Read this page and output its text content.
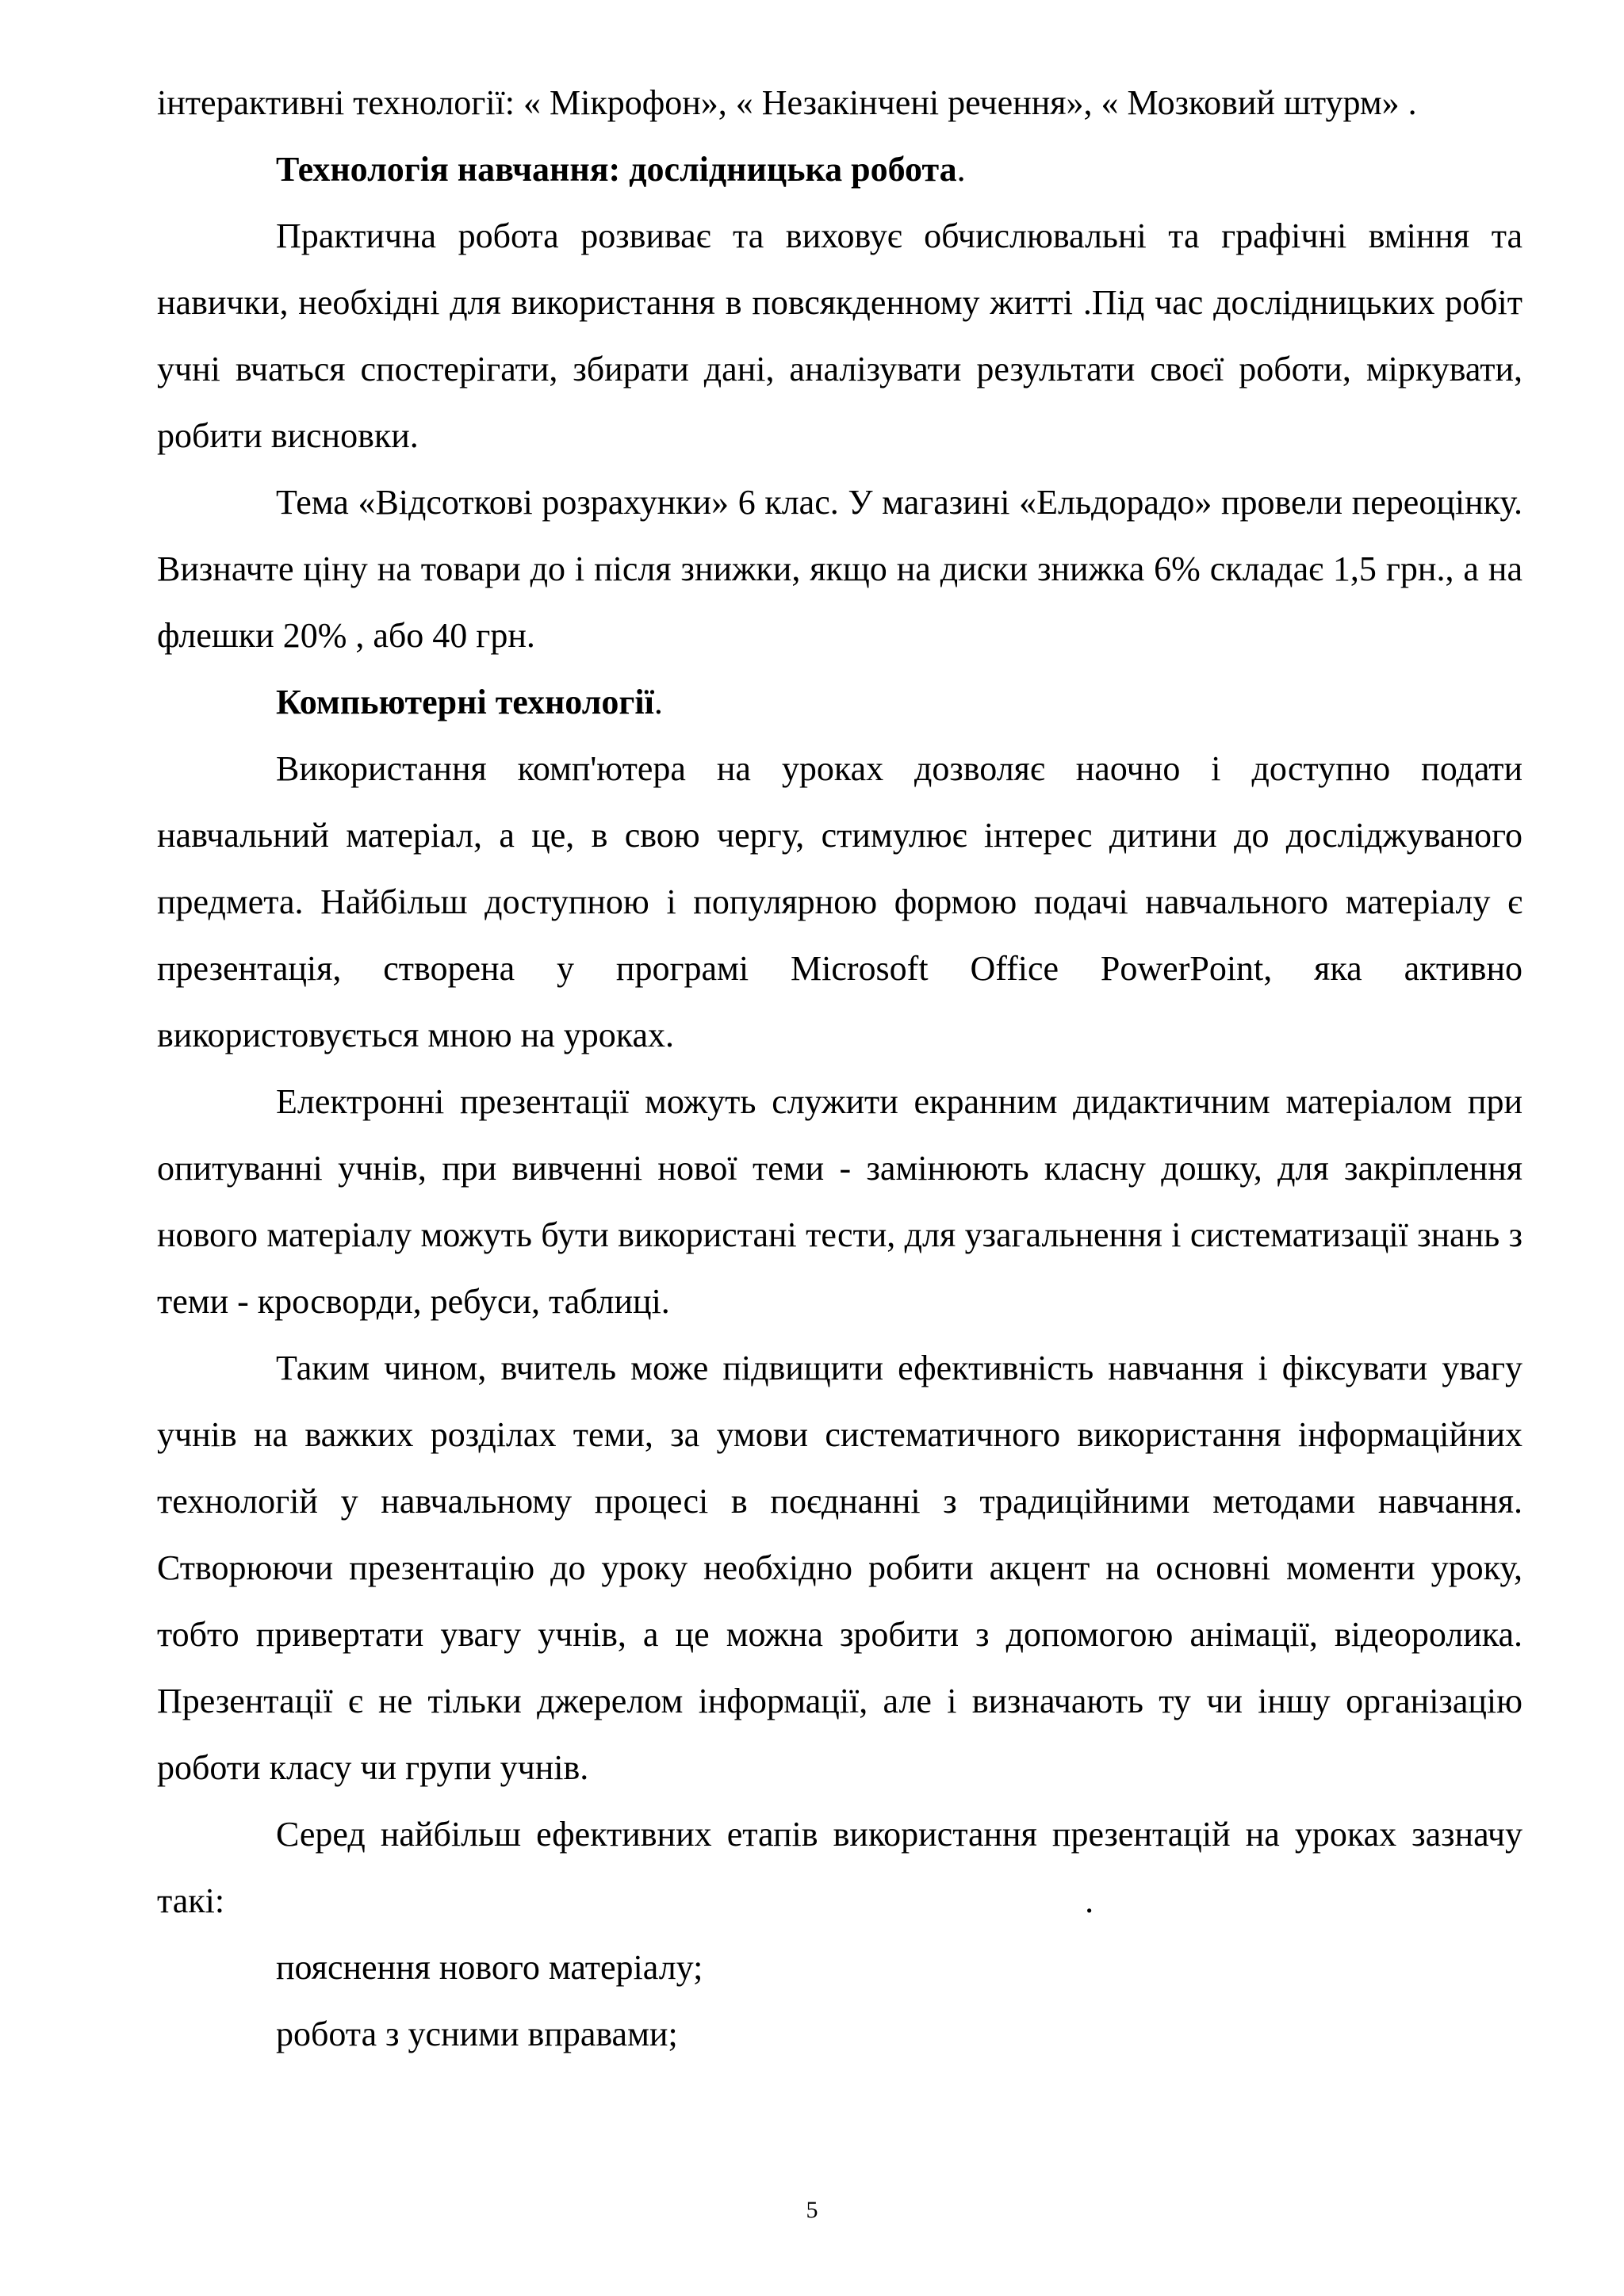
інтерактивні технології: « Мікрофон», « Незакінчені речення», « Мозковий штурм» .

Технологія навчання: дослідницька робота.

Практична робота розвиває та виховує обчислювальні та графічні вміння та навички, необхідні для використання в повсякденному житті .Під час дослідницьких робіт учні вчаться спостерігати, збирати дані, аналізувати результати своєї роботи, міркувати, робити висновки.

Тема «Відсоткові розрахунки» 6 клас. У магазині «Ельдорадо» провели переоцінку. Визначте ціну на товари до і після знижки, якщо на диски знижка 6% складає 1,5 грн., а на флешки 20% , або 40 грн.

Компьютерні технології.

Використання комп'ютера на уроках дозволяє наочно і доступно подати навчальний матеріал, а це, в свою чергу, стимулює інтерес дитини до досліджуваного предмета. Найбільш доступною і популярною формою подачі навчального матеріалу є презентація, створена у програмі Microsoft Office PowerPoint, яка активно використовується мною на уроках.

Електронні презентації можуть служити екранним дидактичним матеріалом при опитуванні учнів, при вивченні нової теми - замінюють класну дошку, для закріплення нового матеріалу можуть бути використані тести, для узагальнення і систематизації знань з теми - кросворди, ребуси, таблиці.

Таким чином, вчитель може підвищити ефективність навчання і фіксувати увагу учнів на важких розділах теми, за умови систематичного використання інформаційних технологій у навчальному процесі в поєднанні з традиційними методами навчання. Створюючи презентацію до уроку необхідно робити акцент на основні моменти уроку, тобто привертати увагу учнів, а це можна зробити з допомогою анімації, відеоролика. Презентації є не тільки джерелом інформації, але і визначають ту чи іншу організацію роботи класу чи групи учнів.

Серед найбільш ефективних етапів використання презентацій на уроках зазначу такі:	.

пояснення нового матеріалу;

робота з усними вправами;

5
